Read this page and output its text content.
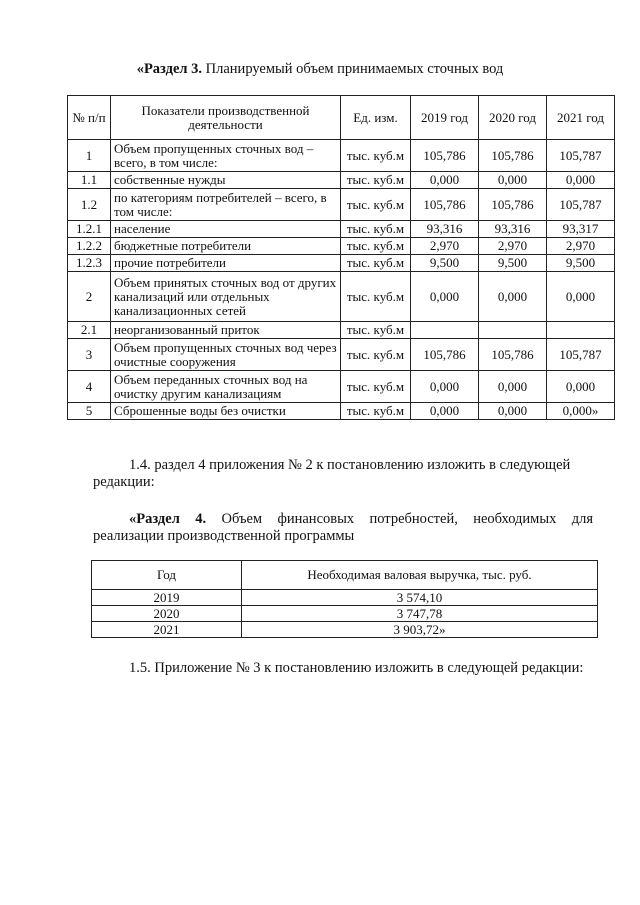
«Раздел 3. Планируемый объем принимаемых сточных вод
№ п/п	Показатели производственной деятельности	Ед. изм.	2019 год	2020 год	2021 год
1	Объем пропущенных сточных вод – всего, в том числе:	тыс. куб.м	105,786	105,786	105,787
1.1	собственные нужды	тыс. куб.м	0,000	0,000	0,000
1.2	по категориям потребителей – всего, в том числе:	тыс. куб.м	105,786	105,786	105,787
1.2.1	население	тыс. куб.м	93,316	93,316	93,317
1.2.2	бюджетные потребители	тыс. куб.м	2,970	2,970	2,970
1.2.3	прочие потребители	тыс. куб.м	9,500	9,500	9,500
2	Объем принятых сточных вод от других канализаций или отдельных канализационных сетей	тыс. куб.м	0,000	0,000	0,000
2.1	неорганизованный приток	тыс. куб.м			
3	Объем пропущенных сточных вод через очистные сооружения	тыс. куб.м	105,786	105,786	105,787
4	Объем переданных сточных вод на очистку другим канализациям	тыс. куб.м	0,000	0,000	0,000
5	Сброшенные воды без очистки	тыс. куб.м	0,000	0,000	0,000»
1.4. раздел 4 приложения № 2 к постановлению изложить в следующей редакции:
«Раздел 4. Объем финансовых потребностей, необходимых для
реализации производственной программы
Год	Необходимая валовая выручка, тыс. руб.
2019	3 574,10
2020	3 747,78
2021	3 903,72»
1.5. Приложение № 3 к постановлению изложить в следующей редакции:
